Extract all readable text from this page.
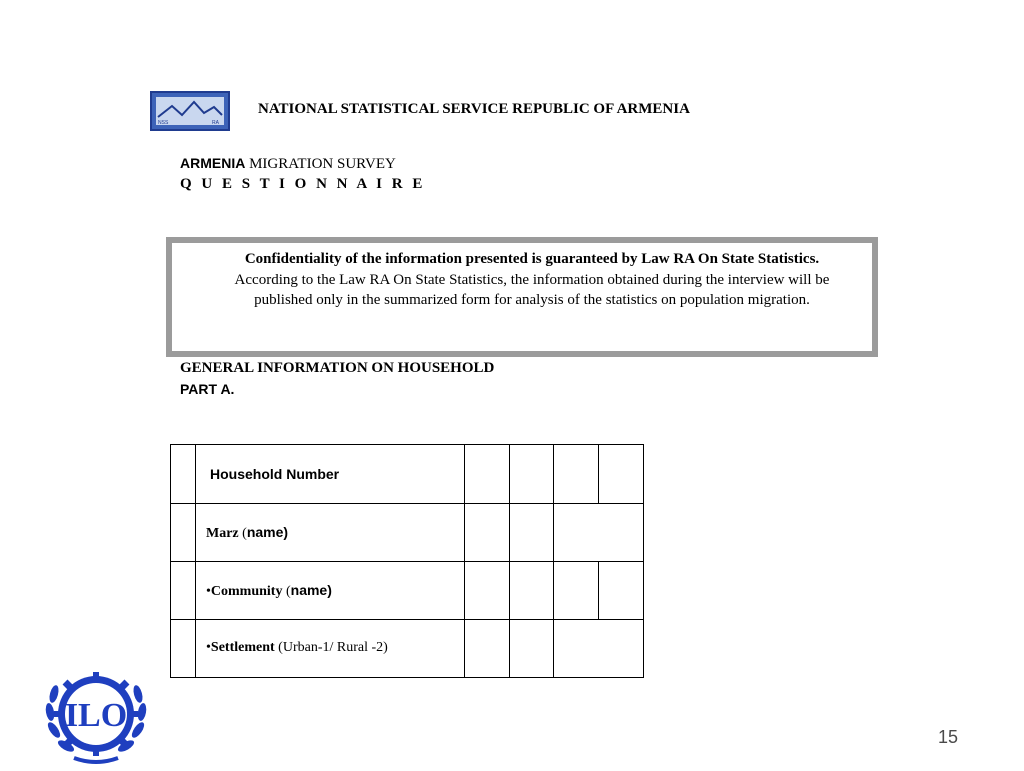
NSS	RA
NATIONAL STATISTICAL SERVICE REPUBLIC OF ARMENIA
ARMENIA MIGRATION SURVEY
Q U E S T I O N N A I R E
Confidentiality of the information presented is guaranteed by Law RA On State Statistics.
According to the Law RA On State Statistics, the information obtained during the interview will be published only in the summarized form for analysis of the statistics on population migration.
GENERAL INFORMATION ON HOUSEHOLD
PART A.
Household Number
Marz (name)
•Community (name)
•Settlement (Urban-1/ Rural -2)
ILO
15
